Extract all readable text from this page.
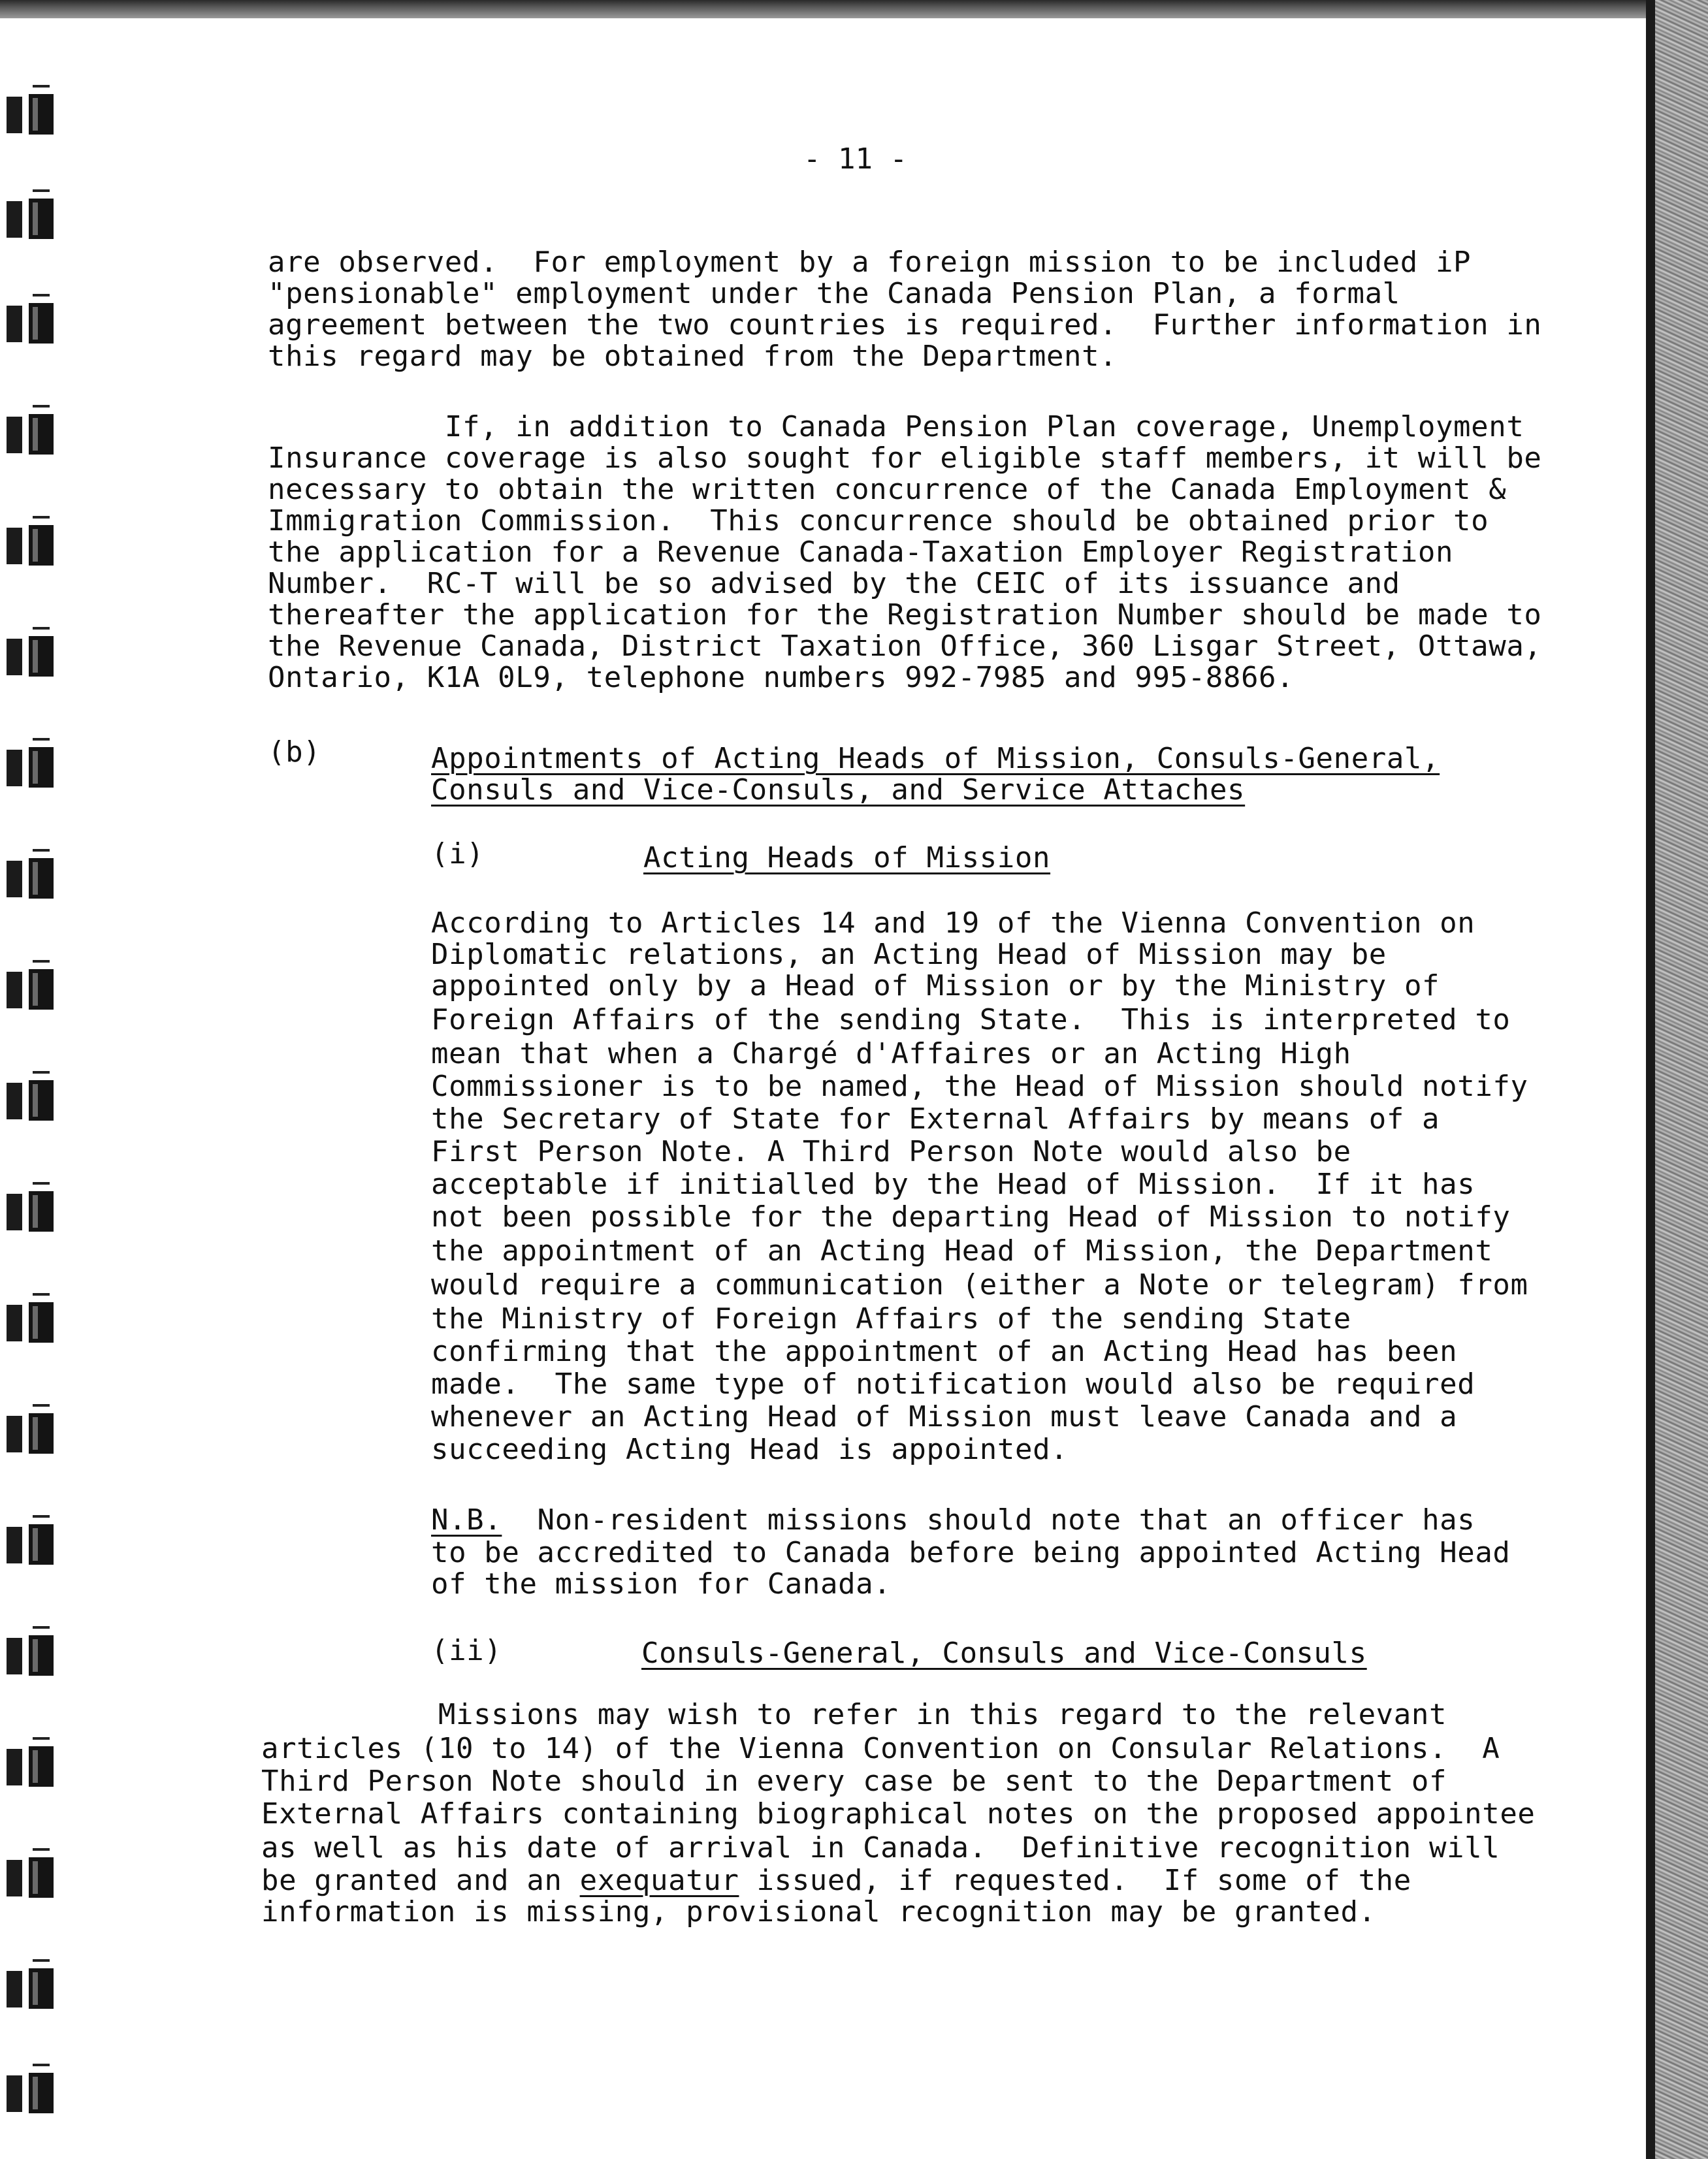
- 11 -
are observed.  For employment by a foreign mission to be included iP
"pensionable" employment under the Canada Pension Plan, a formal
agreement between the two countries is required.  Further information in
this regard may be obtained from the Department.
If, in addition to Canada Pension Plan coverage, Unemployment
Insurance coverage is also sought for eligible staff members, it will be
necessary to obtain the written concurrence of the Canada Employment &
Immigration Commission.  This concurrence should be obtained prior to
the application for a Revenue Canada-Taxation Employer Registration
Number.  RC-T will be so advised by the CEIC of its issuance and
thereafter the application for the Registration Number should be made to
the Revenue Canada, District Taxation Office, 360 Lisgar Street, Ottawa,
Ontario, K1A 0L9, telephone numbers 992-7985 and 995-8866.
(b)	Appointments of Acting Heads of Mission, Consuls-General,
Consuls and Vice-Consuls, and Service Attaches
(i)	Acting Heads of Mission
According to Articles 14 and 19 of the Vienna Convention on
Diplomatic relations, an Acting Head of Mission may be
appointed only by a Head of Mission or by the Ministry of
Foreign Affairs of the sending State.  This is interpreted to
mean that when a Chargé d'Affaires or an Acting High
Commissioner is to be named, the Head of Mission should notify
the Secretary of State for External Affairs by means of a
First Person Note. A Third Person Note would also be
acceptable if initialled by the Head of Mission.  If it has
not been possible for the departing Head of Mission to notify
the appointment of an Acting Head of Mission, the Department
would require a communication (either a Note or telegram) from
the Ministry of Foreign Affairs of the sending State
confirming that the appointment of an Acting Head has been
made.  The same type of notification would also be required
whenever an Acting Head of Mission must leave Canada and a
succeeding Acting Head is appointed.
N.B.  Non-resident missions should note that an officer has
to be accredited to Canada before being appointed Acting Head
of the mission for Canada.
(ii)	Consuls-General, Consuls and Vice-Consuls
Missions may wish to refer in this regard to the relevant
articles (10 to 14) of the Vienna Convention on Consular Relations.  A
Third Person Note should in every case be sent to the Department of
External Affairs containing biographical notes on the proposed appointee
as well as his date of arrival in Canada.  Definitive recognition will
be granted and an exequatur issued, if requested.  If some of the
information is missing, provisional recognition may be granted.
